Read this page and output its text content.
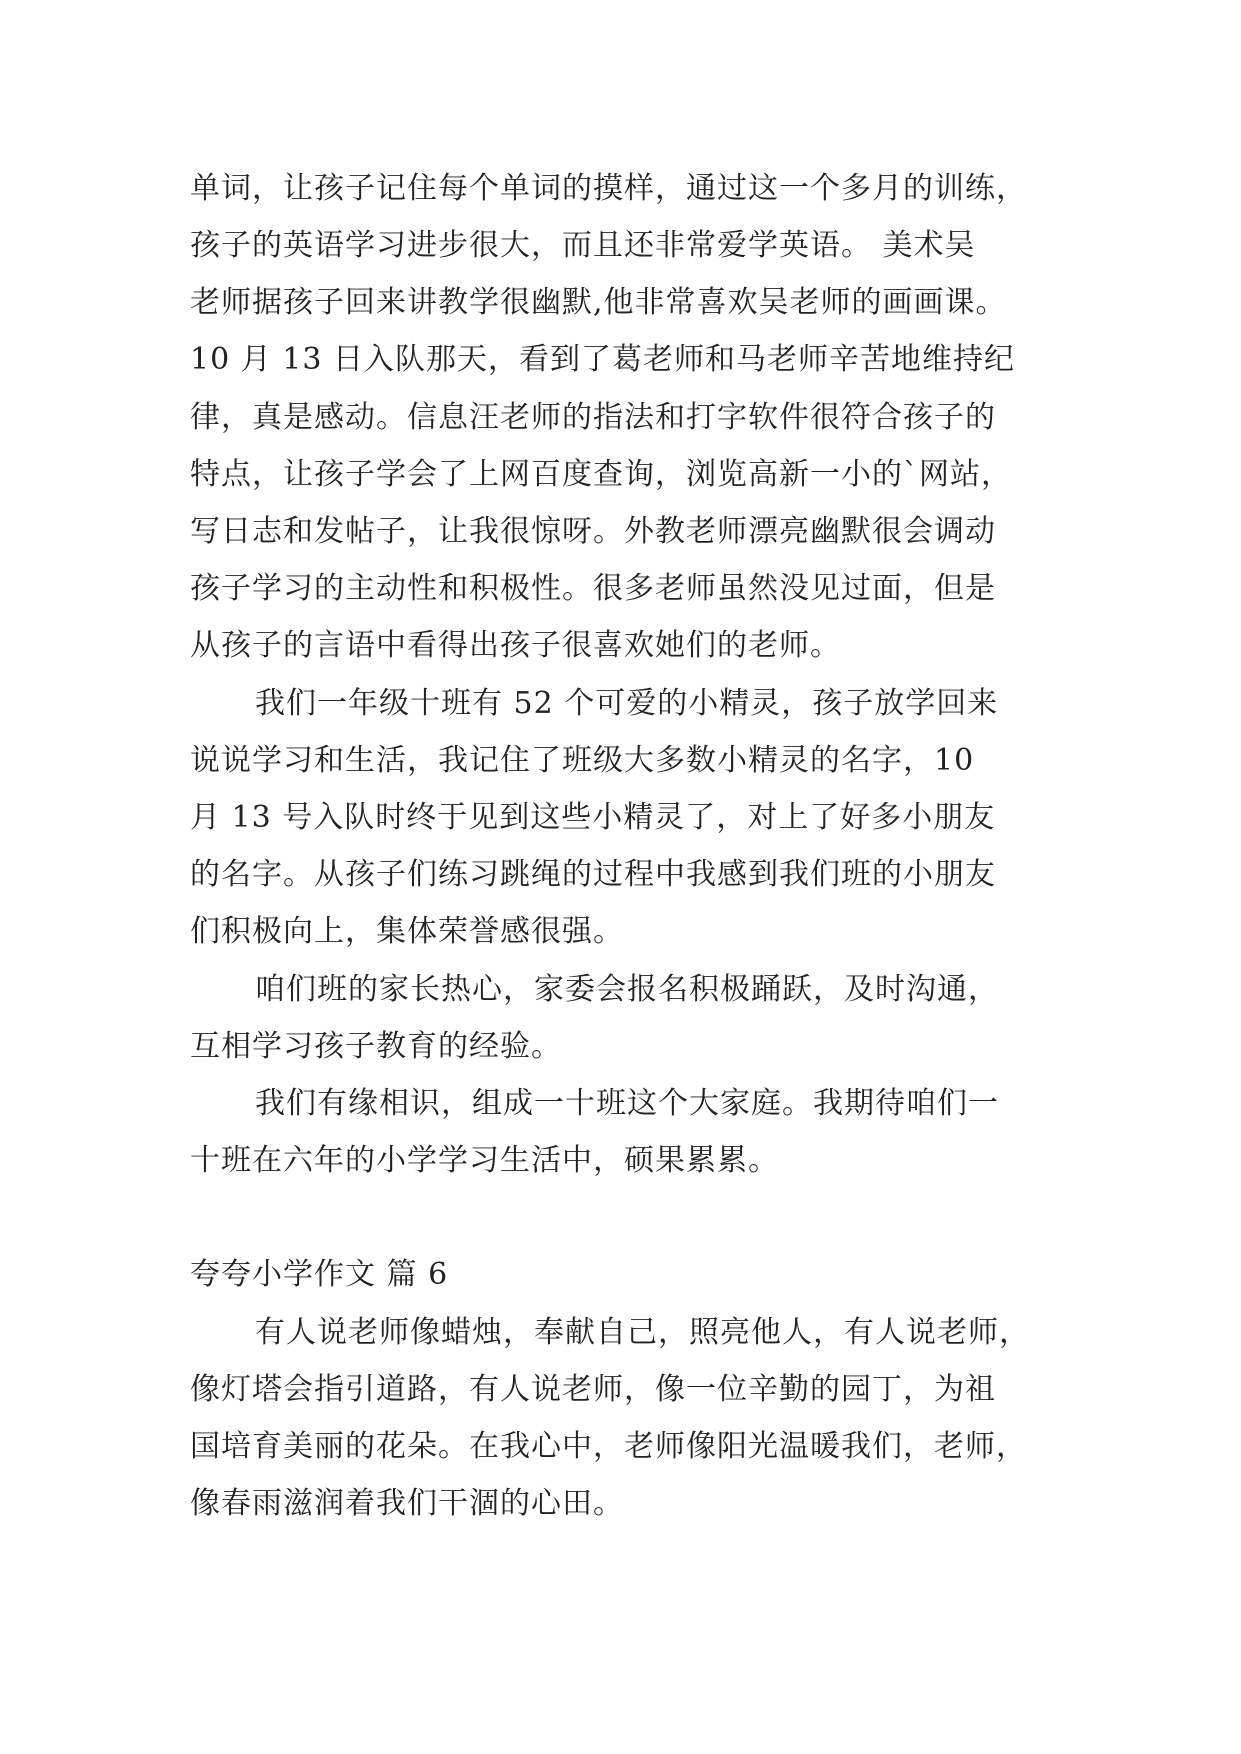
单词，让孩子记住每个单词的摸样，通过这一个多月的训练，
孩子的英语学习进步很大，而且还非常爱学英语。 美术吴
老师据孩子回来讲教学很幽默,他非常喜欢吴老师的画画课。
10 月 13 日入队那天，看到了葛老师和马老师辛苦地维持纪
律，真是感动。信息汪老师的指法和打字软件很符合孩子的
特点，让孩子学会了上网百度查询，浏览高新一小的`网站，
写日志和发帖子，让我很惊呀。外教老师漂亮幽默很会调动
孩子学习的主动性和积极性。很多老师虽然没见过面，但是
从孩子的言语中看得出孩子很喜欢她们的老师。
我们一年级十班有 52 个可爱的小精灵，孩子放学回来
说说学习和生活，我记住了班级大多数小精灵的名字，10
月 13 号入队时终于见到这些小精灵了，对上了好多小朋友
的名字。从孩子们练习跳绳的过程中我感到我们班的小朋友
们积极向上，集体荣誉感很强。
咱们班的家长热心，家委会报名积极踊跃，及时沟通，
互相学习孩子教育的经验。
我们有缘相识，组成一十班这个大家庭。我期待咱们一
十班在六年的小学学习生活中，硕果累累。
夸夸小学作文 篇 6
有人说老师像蜡烛，奉献自己，照亮他人，有人说老师，
像灯塔会指引道路，有人说老师，像一位辛勤的园丁，为祖
国培育美丽的花朵。在我心中，老师像阳光温暖我们，老师，
像春雨滋润着我们干涸的心田。
